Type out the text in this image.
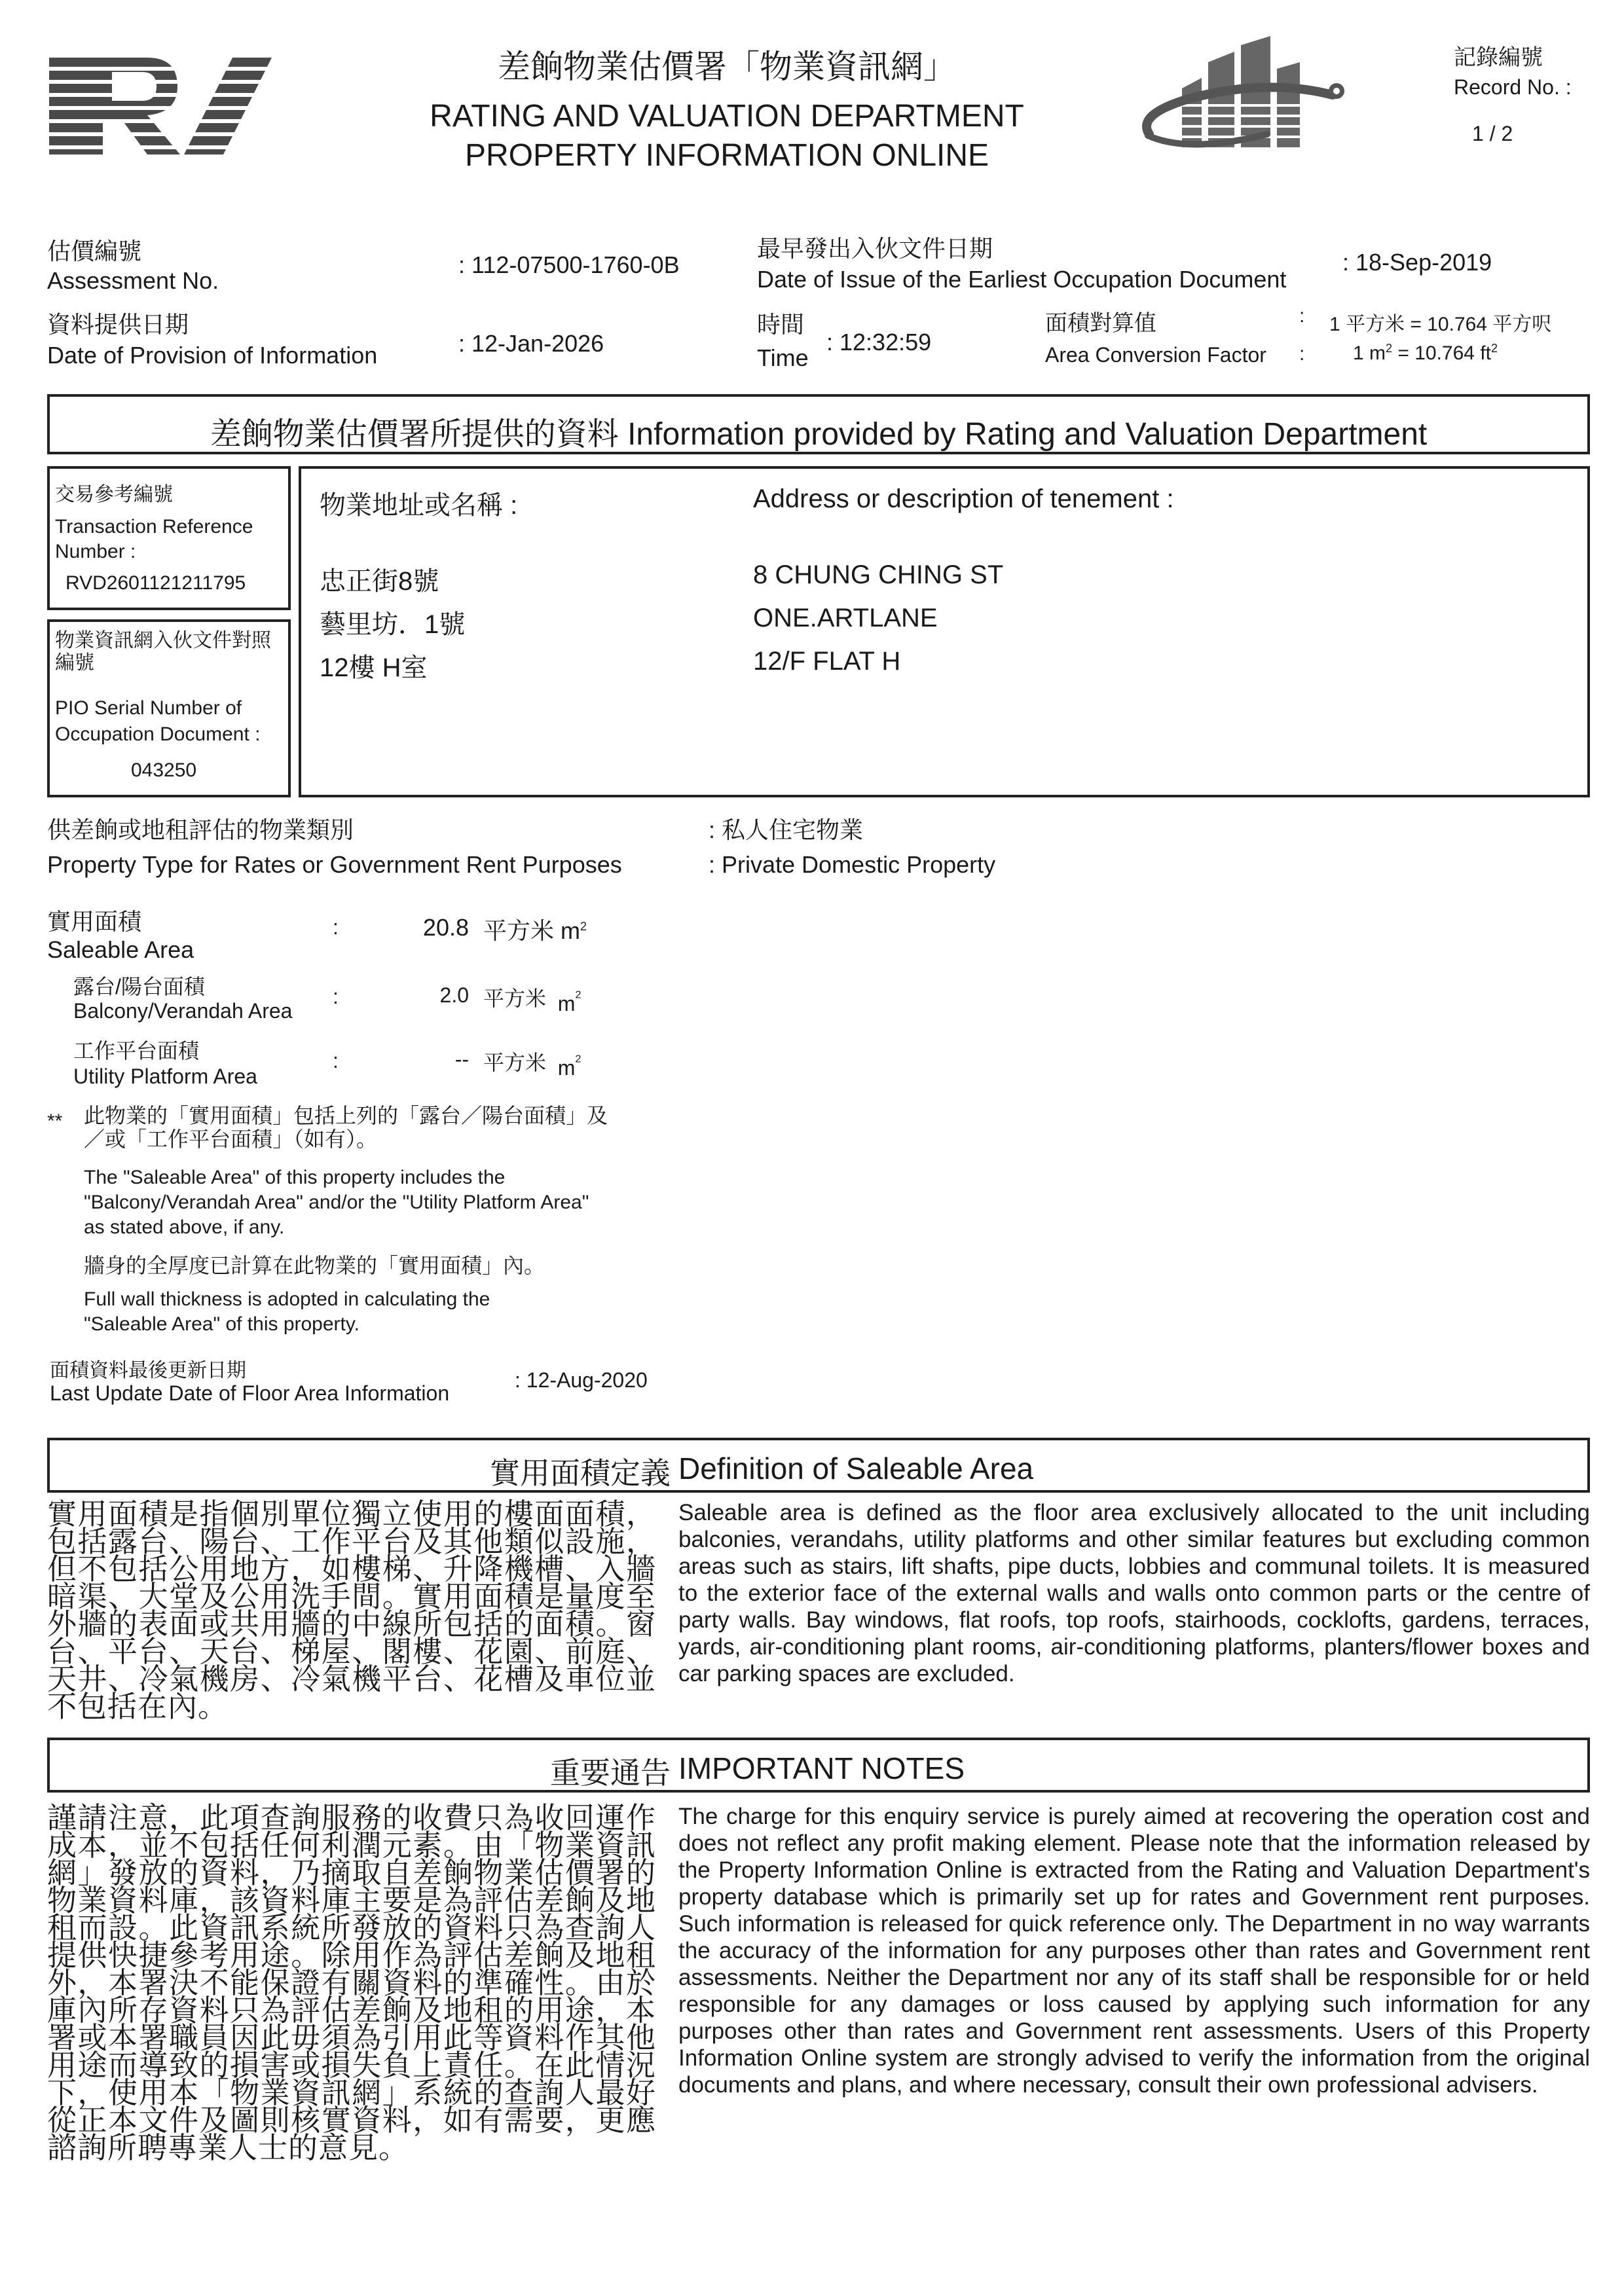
差餉物業估價署「物業資訊網」
RATING AND VALUATION DEPARTMENT
PROPERTY INFORMATION ONLINE
記錄編號
Record No. :
1 / 2
估價編號
Assessment No.
: 112-07500-1760-0B
資料提供日期
Date of Provision of Information	: 12-Jan-2026
最早發出入伙文件日期
Date of Issue of the Earliest Occupation Document
: 18-Sep-2019
時間
Time
: 12:32:59
面積對算值
Area Conversion Factor
:
:
1 平方米 = 10.764 平方呎
1 $m^2 = 10.764$ $ft^2$
差餉物業估價署所提供的資料 Information provided by Rating and Valuation Department
交易參考編號
Transaction Reference Number :
RVD2601121211795
物業資訊網入伙文件對照編號
PIO Serial Number of Occupation Document :
043250
物業地址或名稱 :	Address or description of tenement :
忠正街8號
藝里坊．1號
12樓 H室
8 CHUNG CHING ST
ONE.ARTLANE
12/F FLAT H
供差餉或地租評估的物業類別
Property Type for Rates or Government Rent Purposes
: 私人住宅物業
: Private Domestic Property
實用面積
Saleable Area
:	20.8 平方米 $m^2$
露台/陽台面積
Balcony/Verandah Area
:	2.0 平方米 $m^2$
工作平台面積
Utility Platform Area
:	-- 平方米 $m^2$
** 此物業的「實用面積」包括上列的「露台／陽台面積」及／或「工作平台面積」（如有）。
The "Saleable Area" of this property includes the "Balcony/Verandah Area" and/or the "Utility Platform Area" as stated above, if any.
牆身的全厚度已計算在此物業的「實用面積」內。
Full wall thickness is adopted in calculating the "Saleable Area" of this property.
面積資料最後更新日期
Last Update Date of Floor Area Information
: 12-Aug-2020
實用面積定義 Definition of Saleable Area
實用面積是指個別單位獨立使用的樓面面積，包括露台、陽台、工作平台及其他類似設施，但不包括公用地方，如樓梯、升降機槽、入牆暗渠、大堂及公用洗手間。實用面積是量度至外牆的表面或共用牆的中線所包括的面積。窗台、平台、天台、梯屋、閣樓、花園、前庭、天井、冷氣機房、冷氣機平台、花槽及車位並不包括在內。
Saleable area is defined as the floor area exclusively allocated to the unit including balconies, verandahs, utility platforms and other similar features but excluding common areas such as stairs, lift shafts, pipe ducts, lobbies and communal toilets. It is measured to the exterior face of the external walls and walls onto common parts or the centre of party walls. Bay windows, flat roofs, top roofs, stairhoods, cocklofts, gardens, terraces, yards, air-conditioning plant rooms, air-conditioning platforms, planters/flower boxes and car parking spaces are excluded.
重要通告 IMPORTANT NOTES
謹請注意，此項查詢服務的收費只為收回運作成本，並不包括任何利潤元素。由「物業資訊網」發放的資料，乃摘取自差餉物業估價署的物業資料庫，該資料庫主要是為評估差餉及地租而設。此資訊系統所發放的資料只為查詢人提供快捷參考用途。除用作為評估差餉及地租外，本署決不能保證有關資料的準確性。由於庫內所存資料只為評估差餉及地租的用途，本署或本署職員因此毋須為引用此等資料作其他用途而導致的損害或損失負上責任。在此情況下，使用本「物業資訊網」系統的查詢人最好從正本文件及圖則核實資料，如有需要，更應諮詢所聘專業人士的意見。
The charge for this enquiry service is purely aimed at recovering the operation cost and does not reflect any profit making element. Please note that the information released by the Property Information Online is extracted from the Rating and Valuation Department's property database which is primarily set up for rates and Government rent purposes. Such information is released for quick reference only. The Department in no way warrants the accuracy of the information for any purposes other than rates and Government rent assessments. Neither the Department nor any of its staff shall be responsible for or held responsible for any damages or loss caused by applying such information for any purposes other than rates and Government rent assessments. Users of this Property Information Online system are strongly advised to verify the information from the original documents and plans, and where necessary, consult their own professional advisers.
